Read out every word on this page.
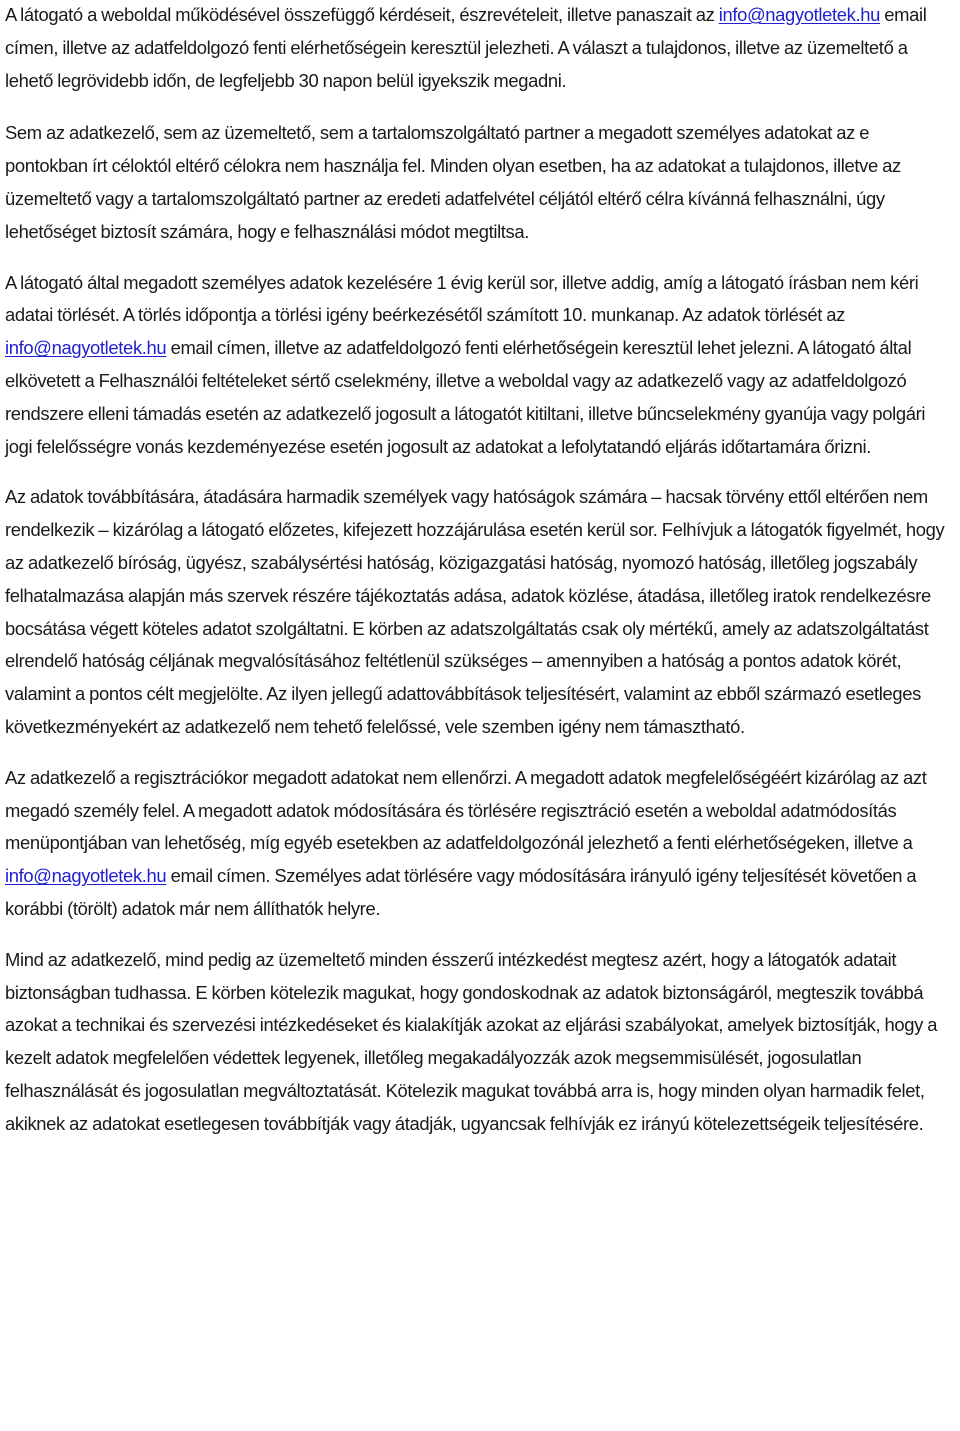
A látogató a weboldal működésével összefüggő kérdéseit, észrevételeit, illetve panaszait az info@nagyotletek.hu email címen, illetve az adatfeldolgozó fenti elérhetőségein keresztül jelezheti. A választ a tulajdonos, illetve az üzemeltető a lehető legrövidebb időn, de legfeljebb 30 napon belül igyekszik megadni.

Sem az adatkezelő, sem az üzemeltető, sem a tartalomszolgáltató partner a megadott személyes adatokat az e pontokban írt céloktól eltérő célokra nem használja fel. Minden olyan esetben, ha az adatokat a tulajdonos, illetve az üzemeltető vagy a tartalomszolgáltató partner az eredeti adatfelvétel céljától eltérő célra kívánná felhasználni, úgy lehetőséget biztosít számára, hogy e felhasználási módot megtiltsa.

A látogató által megadott személyes adatok kezelésére 1 évig kerül sor, illetve addig, amíg a látogató írásban nem kéri adatai törlését. A törlés időpontja a törlési igény beérkezésétől számított 10. munkanap. Az adatok törlését az info@nagyotletek.hu email címen, illetve az adatfeldolgozó fenti elérhetőségein keresztül lehet jelezni. A látogató által elkövetett a Felhasználói feltételeket sértő cselekmény, illetve a weboldal vagy az adatkezelő vagy az adatfeldolgozó rendszere elleni támadás esetén az adatkezelő jogosult a látogatót kitiltani, illetve bűncselekmény gyanúja vagy polgári jogi felelősségre vonás kezdeményezése esetén jogosult az adatokat a lefolytatandó eljárás időtartamára őrizni.

Az adatok továbbítására, átadására harmadik személyek vagy hatóságok számára – hacsak törvény ettől eltérően nem rendelkezik – kizárólag a látogató előzetes, kifejezett hozzájárulása esetén kerül sor. Felhívjuk a látogatók figyelmét, hogy az adatkezelő bíróság, ügyész, szabálysértési hatóság, közigazgatási hatóság, nyomozó hatóság, illetőleg jogszabály felhatalmazása alapján más szervek részére tájékoztatás adása, adatok közlése, átadása, illetőleg iratok rendelkezésre bocsátása végett köteles adatot szolgáltatni. E körben az adatszolgáltatás csak oly mértékű, amely az adatszolgáltatást elrendelő hatóság céljának megvalósításához feltétlenül szükséges – amennyiben a hatóság a pontos adatok körét, valamint a pontos célt megjelölte. Az ilyen jellegű adattovábbítások teljesítésért, valamint az ebből származó esetleges következményekért az adatkezelő nem tehető felelőssé, vele szemben igény nem támasztható.

Az adatkezelő a regisztrációkor megadott adatokat nem ellenőrzi. A megadott adatok megfelelőségéért kizárólag az azt megadó személy felel. A megadott adatok módosítására és törlésére regisztráció esetén a weboldal adatmódosítás menüpontjában van lehetőség, míg egyéb esetekben az adatfeldolgozónál jelezhető a fenti elérhetőségeken, illetve a info@nagyotletek.hu email címen. Személyes adat törlésére vagy módosítására irányuló igény teljesítését követően a korábbi (törölt) adatok már nem állíthatók helyre.

Mind az adatkezelő, mind pedig az üzemeltető minden ésszerű intézkedést megtesz azért, hogy a látogatók adatait biztonságban tudhassa. E körben kötelezik magukat, hogy gondoskodnak az adatok biztonságáról, megteszik továbbá azokat a technikai és szervezési intézkedéseket és kialakítják azokat az eljárási szabályokat, amelyek biztosítják, hogy a kezelt adatok megfelelően védettek legyenek, illetőleg megakadályozzák azok megsemmisülését, jogosulatlan felhasználását és jogosulatlan megváltoztatását. Kötelezik magukat továbbá arra is, hogy minden olyan harmadik felet, akiknek az adatokat esetlegesen továbbítják vagy átadják, ugyancsak felhívják ez irányú kötelezettségeik teljesítésére.
